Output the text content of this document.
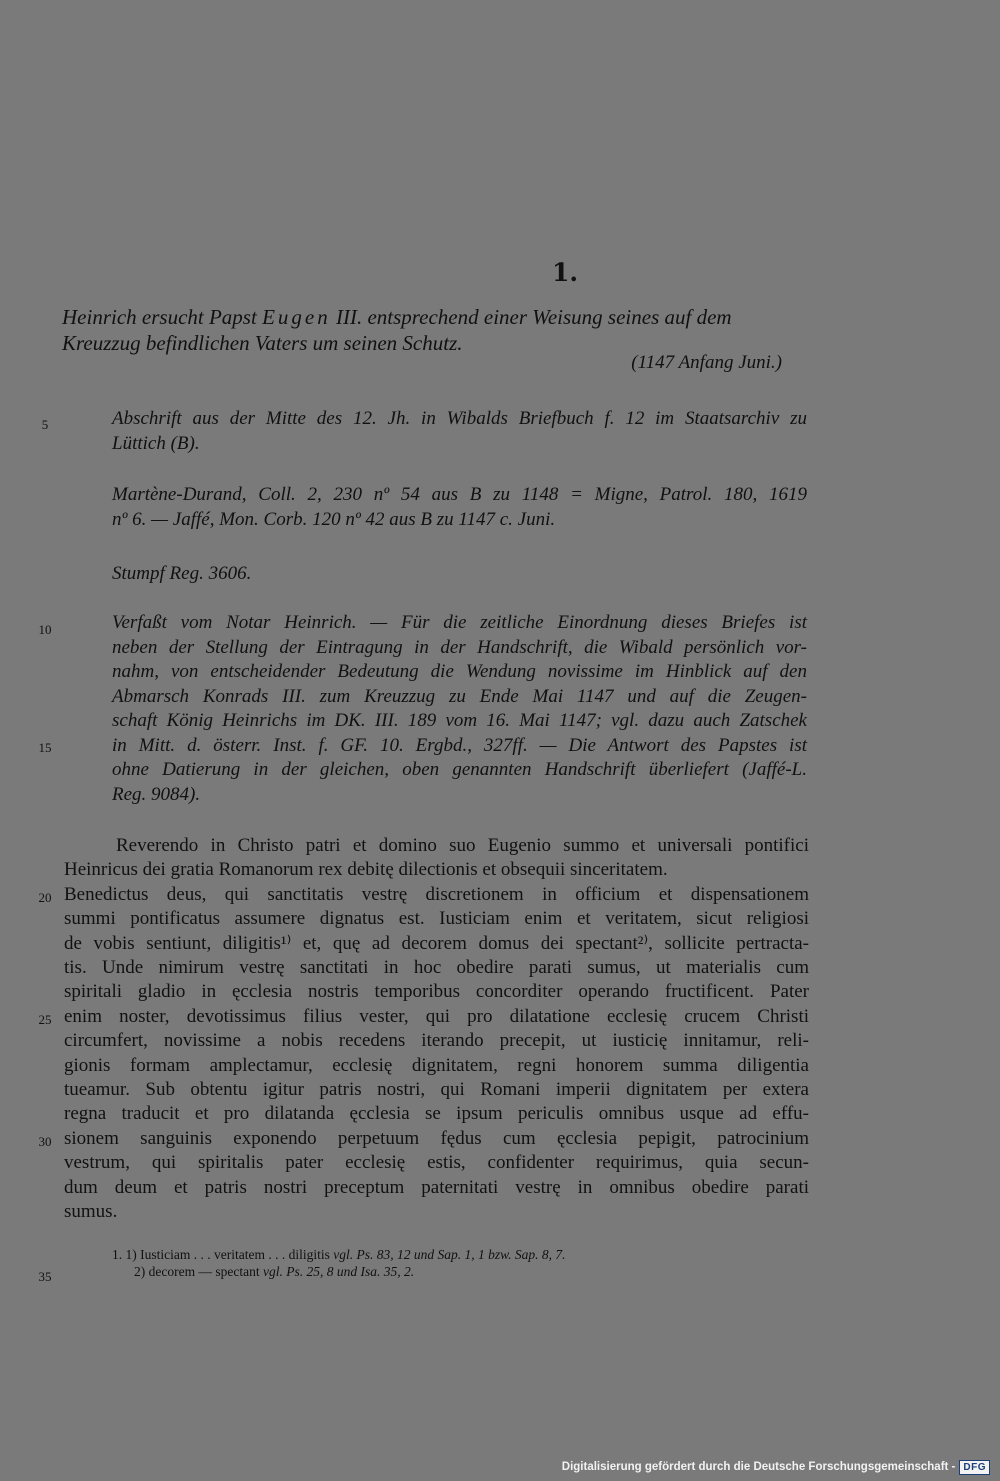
1.
Heinrich ersucht Papst Eugen III. entsprechend einer Weisung seines auf dem
Kreuzzug befindlichen Vaters um seinen Schutz.
(1147 Anfang Juni.)
5
10
15
20
25
30
35
Abschrift aus der Mitte des 12. Jh. in Wibalds Briefbuch f. 12 im Staatsarchiv zu
Lüttich (B).
Martène-Durand, Coll. 2, 230 nº 54 aus B zu 1148 = Migne, Patrol. 180, 1619
nº 6. — Jaffé, Mon. Corb. 120 nº 42 aus B zu 1147 c. Juni.
Stumpf Reg. 3606.
Verfaßt vom Notar Heinrich. — Für die zeitliche Einordnung dieses Briefes ist
neben der Stellung der Eintragung in der Handschrift, die Wibald persönlich vor-
nahm, von entscheidender Bedeutung die Wendung novissime im Hinblick auf den
Abmarsch Konrads III. zum Kreuzzug zu Ende Mai 1147 und auf die Zeugen-
schaft König Heinrichs im DK. III. 189 vom 16. Mai 1147; vgl. dazu auch Zatschek
in Mitt. d. österr. Inst. f. GF. 10. Ergbd., 327ff. — Die Antwort des Papstes ist
ohne Datierung in der gleichen, oben genannten Handschrift überliefert (Jaffé-L.
Reg. 9084).
Reverendo in Christo patri et domino suo Eugenio summo et universali pontifici
Heinricus dei gratia Romanorum rex debitę dilectionis et obsequii sinceritatem.
Benedictus deus, qui sanctitatis vestrę discretionem in officium et dispensationem
summi pontificatus assumere dignatus est. Iusticiam enim et veritatem, sicut religiosi
de vobis sentiunt, diligitis¹⁾ et, quę ad decorem domus dei spectant²⁾, sollicite pertracta-
tis. Unde nimirum vestrę sanctitati in hoc obedire parati sumus, ut materialis cum
spiritali gladio in ęcclesia nostris temporibus concorditer operando fructificent. Pater
enim noster, devotissimus filius vester, qui pro dilatatione ecclesię crucem Christi
circumfert, novissime a nobis recedens iterando precepit, ut iusticię innitamur, reli-
gionis formam amplectamur, ecclesię dignitatem, regni honorem summa diligentia
tueamur. Sub obtentu igitur patris nostri, qui Romani imperii dignitatem per extera
regna traducit et pro dilatanda ęcclesia se ipsum periculis omnibus usque ad effu-
sionem sanguinis exponendo perpetuum fędus cum ęcclesia pepigit, patrocinium
vestrum, qui spiritalis pater ecclesię estis, confidenter requirimus, quia secun-
dum deum et patris nostri preceptum paternitati vestrę in omnibus obedire parati
sumus.
1. 1) Iusticiam . . . veritatem . . . diligitis vgl. Ps. 83, 12 und Sap. 1, 1 bzw. Sap. 8, 7.
2) decorem — spectant vgl. Ps. 25, 8 und Isa. 35, 2.
Digitalisierung gefördert durch die Deutsche Forschungsgemeinschaft - DFG
